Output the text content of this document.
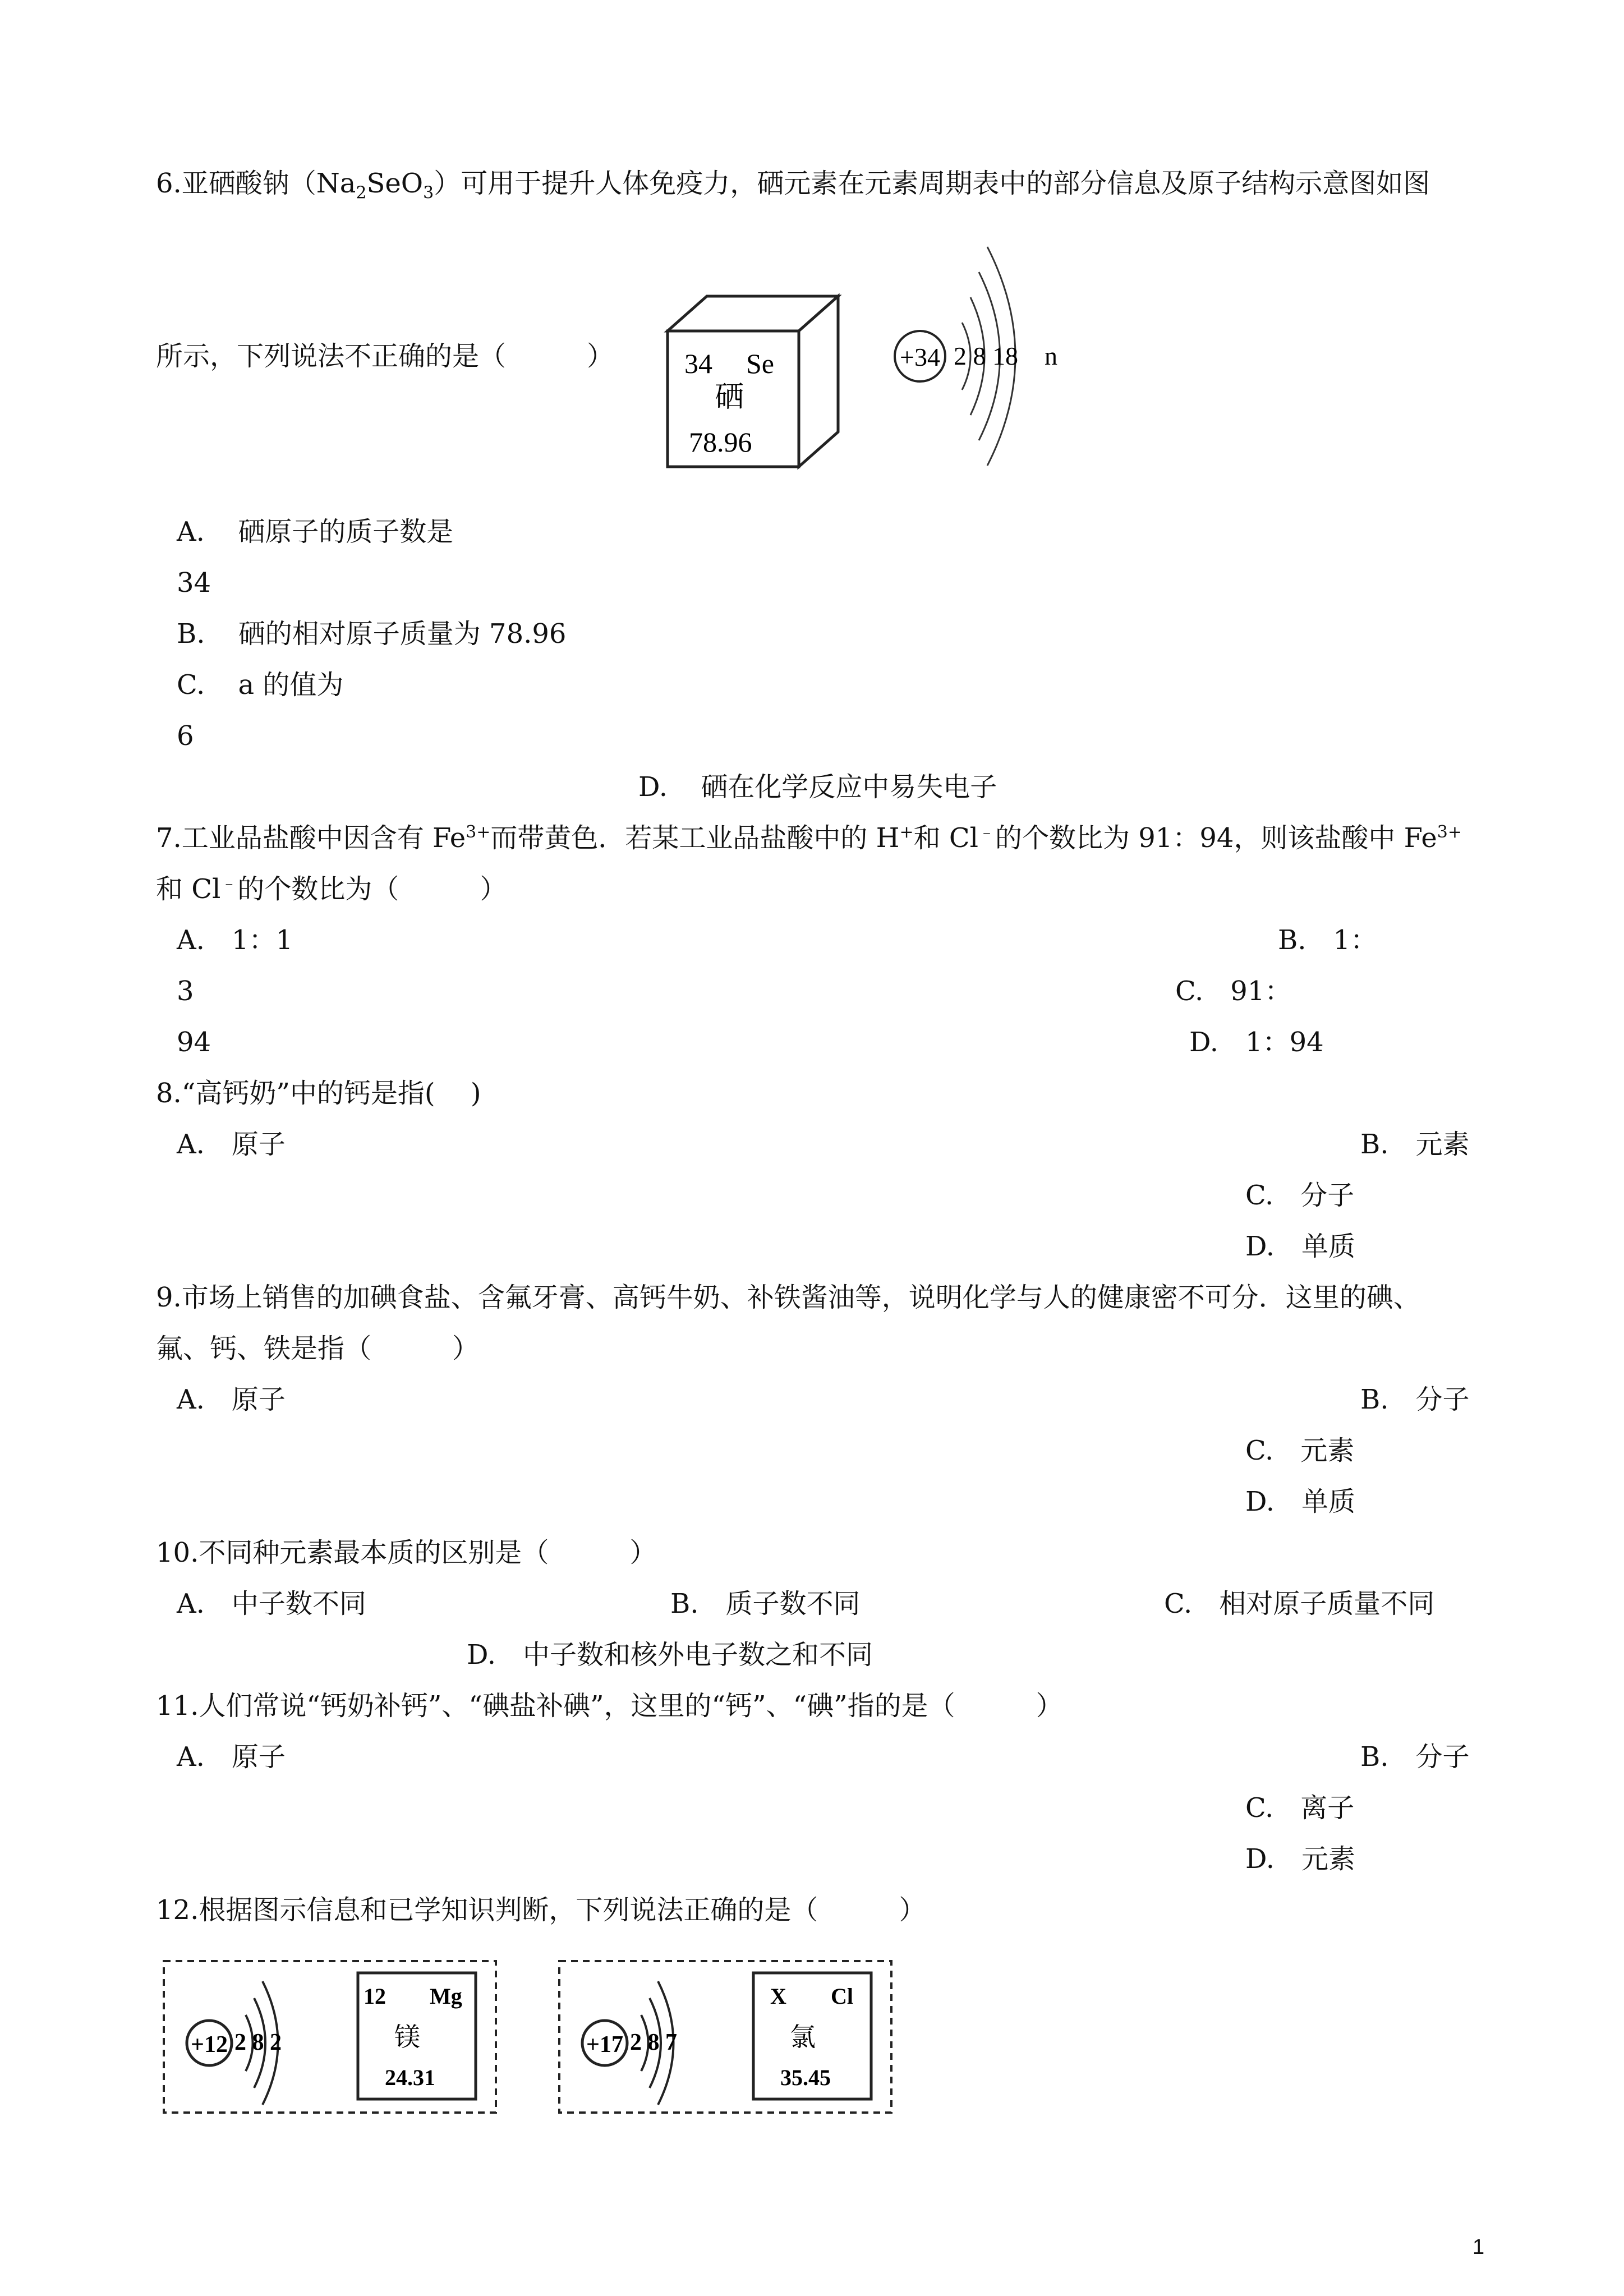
6.亚硒酸钠$(Na_2SeO_3)$可用于提升人体免疫力，硒元素在元素周期表中的部分信息及原子结构示意图如图
所示，下列说法不正确的是（　　　）	34 Se
硒
78.96
+34 2 8 18 n
A. 硒原子的质子数是
34
B. 硒的相对原子质量为 78.96
C. a 的值为
6
D. 硒在化学反应中易失电子
7.工业品盐酸中因含有 $Fe^{3+}$而带黄色．若某工业品盐酸中的 H+和 Cl﹣的个数比为 91：94，则该盐酸中 $Fe^{3+}$
和 Cl﹣的个数比为（　　　）
A.　1：1	B.　1：
3	C.　91：
94	D.　1：94
8.“高钙奶”中的钙是指(　 )
A.　原子	B.　元素
C.　分子
D.　单质
9.市场上销售的加碘食盐、含氟牙膏、高钙牛奶、补铁酱油等，说明化学与人的健康密不可分．这里的碘、
氟、钙、铁是指（　　　）
A.　原子	B.　分子
C.　元素
D.　单质
10.不同种元素最本质的区别是（　　　）
A.　中子数不同	B.　质子数不同	C.　相对原子质量不同
D.　中子数和核外电子数之和不同
11.人们常说“钙奶补钙”、“碘盐补碘”，这里的“钙”、“碘”指的是（　　　）
A.　原子	B.　分子
C.　离子
D.　元素
12.根据图示信息和已学知识判断，下列说法正确的是（　　　）
+12 2 8 2
12 Mg
镁
24.31
+17 2 8 7
X Cl
氯
35.45
1
